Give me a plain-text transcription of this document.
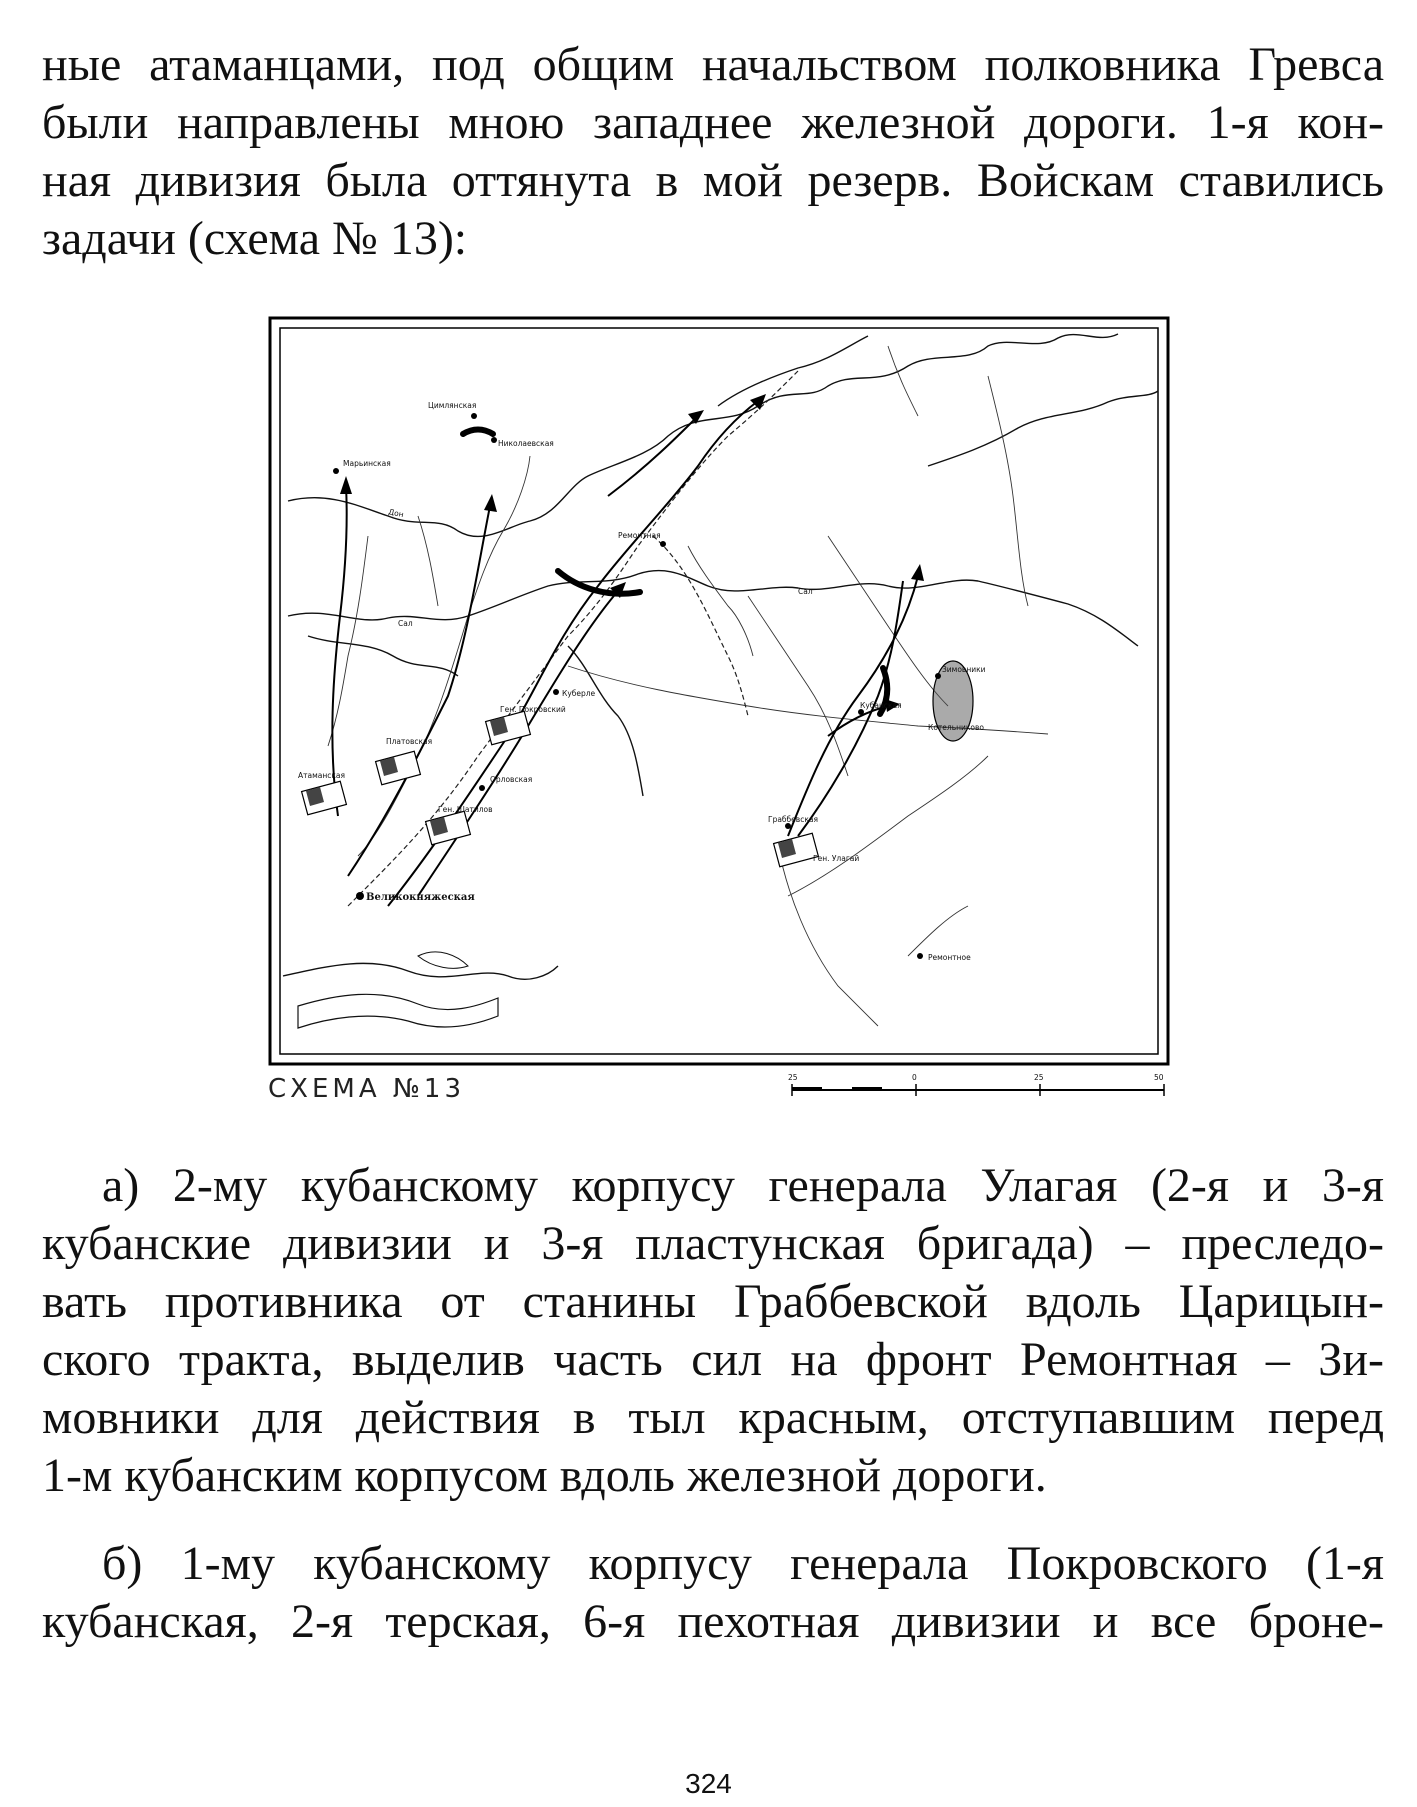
ные атаманцами, под общим начальством полковника Гревса
были направлены мною западнее железной дороги. 1-я кон-
ная дивизия была оттянута в мой резерв. Войскам ставились
задачи (схема № 13):
Цимлянская
Николаевская
Марьинская
Дон
Ремонтная
Сал
Сал
Куберле
Зимовники
Котельниково
Орловская
Платовская
Атаманская
Кубанская
Великокняжеская
Граббевская
Ремонтное
Ген. Покровский
Ген. Шатилов
Ген. Улагай
СХЕМА №13	25	0	25	50
а) 2-му кубанскому корпусу генерала Улагая (2-я и 3-я
кубанские дивизии и 3-я пластунская бригада) – преследо-
вать противника от станины Граббевской вдоль Царицын-
ского тракта, выделив часть сил на фронт Ремонтная – Зи-
мовники для действия в тыл красным, отступавшим перед
1-м кубанским корпусом вдоль железной дороги.
б) 1-му кубанскому корпусу генерала Покровского (1-я
кубанская, 2-я терская, 6-я пехотная дивизии и все броне-
324
